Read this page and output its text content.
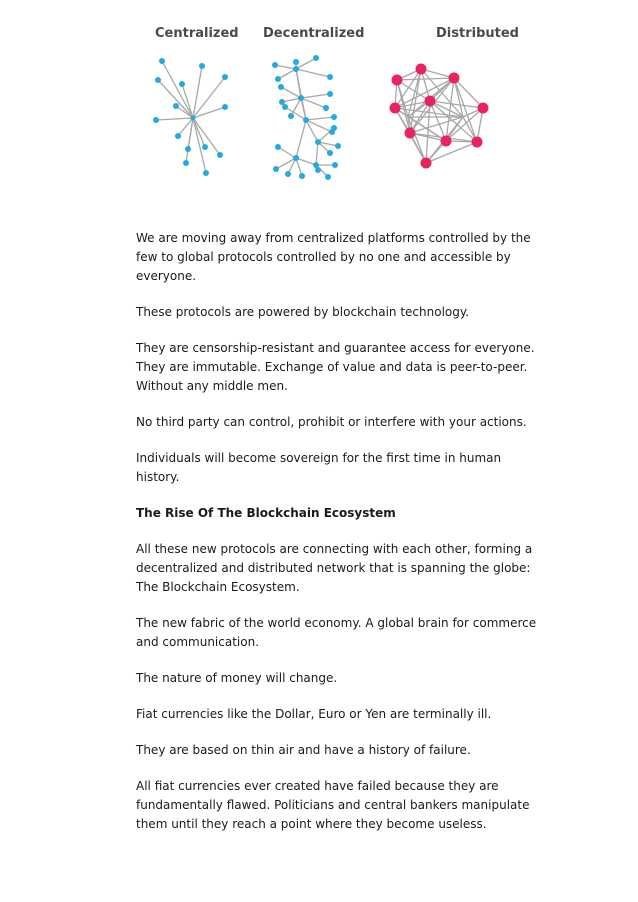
Centralized Decentralized	Distributed

We are moving away from centralized platforms controlled by the few to global protocols controlled by no one and accessible by everyone.

These protocols are powered by blockchain technology.

They are censorship-resistant and guarantee access for everyone. They are immutable. Exchange of value and data is peer-to-peer. Without any middle men.

No third party can control, prohibit or interfere with your actions.

Individuals will become sovereign for the first time in human history.

The Rise Of The Blockchain Ecosystem

All these new protocols are connecting with each other, forming a decentralized and distributed network that is spanning the globe: The Blockchain Ecosystem.

The new fabric of the world economy. A global brain for commerce and communication.

The nature of money will change.

Fiat currencies like the Dollar, Euro or Yen are terminally ill.

They are based on thin air and have a history of failure.

All fiat currencies ever created have failed because they are fundamentally flawed. Politicians and central bankers manipulate them until they reach a point where they become useless.
